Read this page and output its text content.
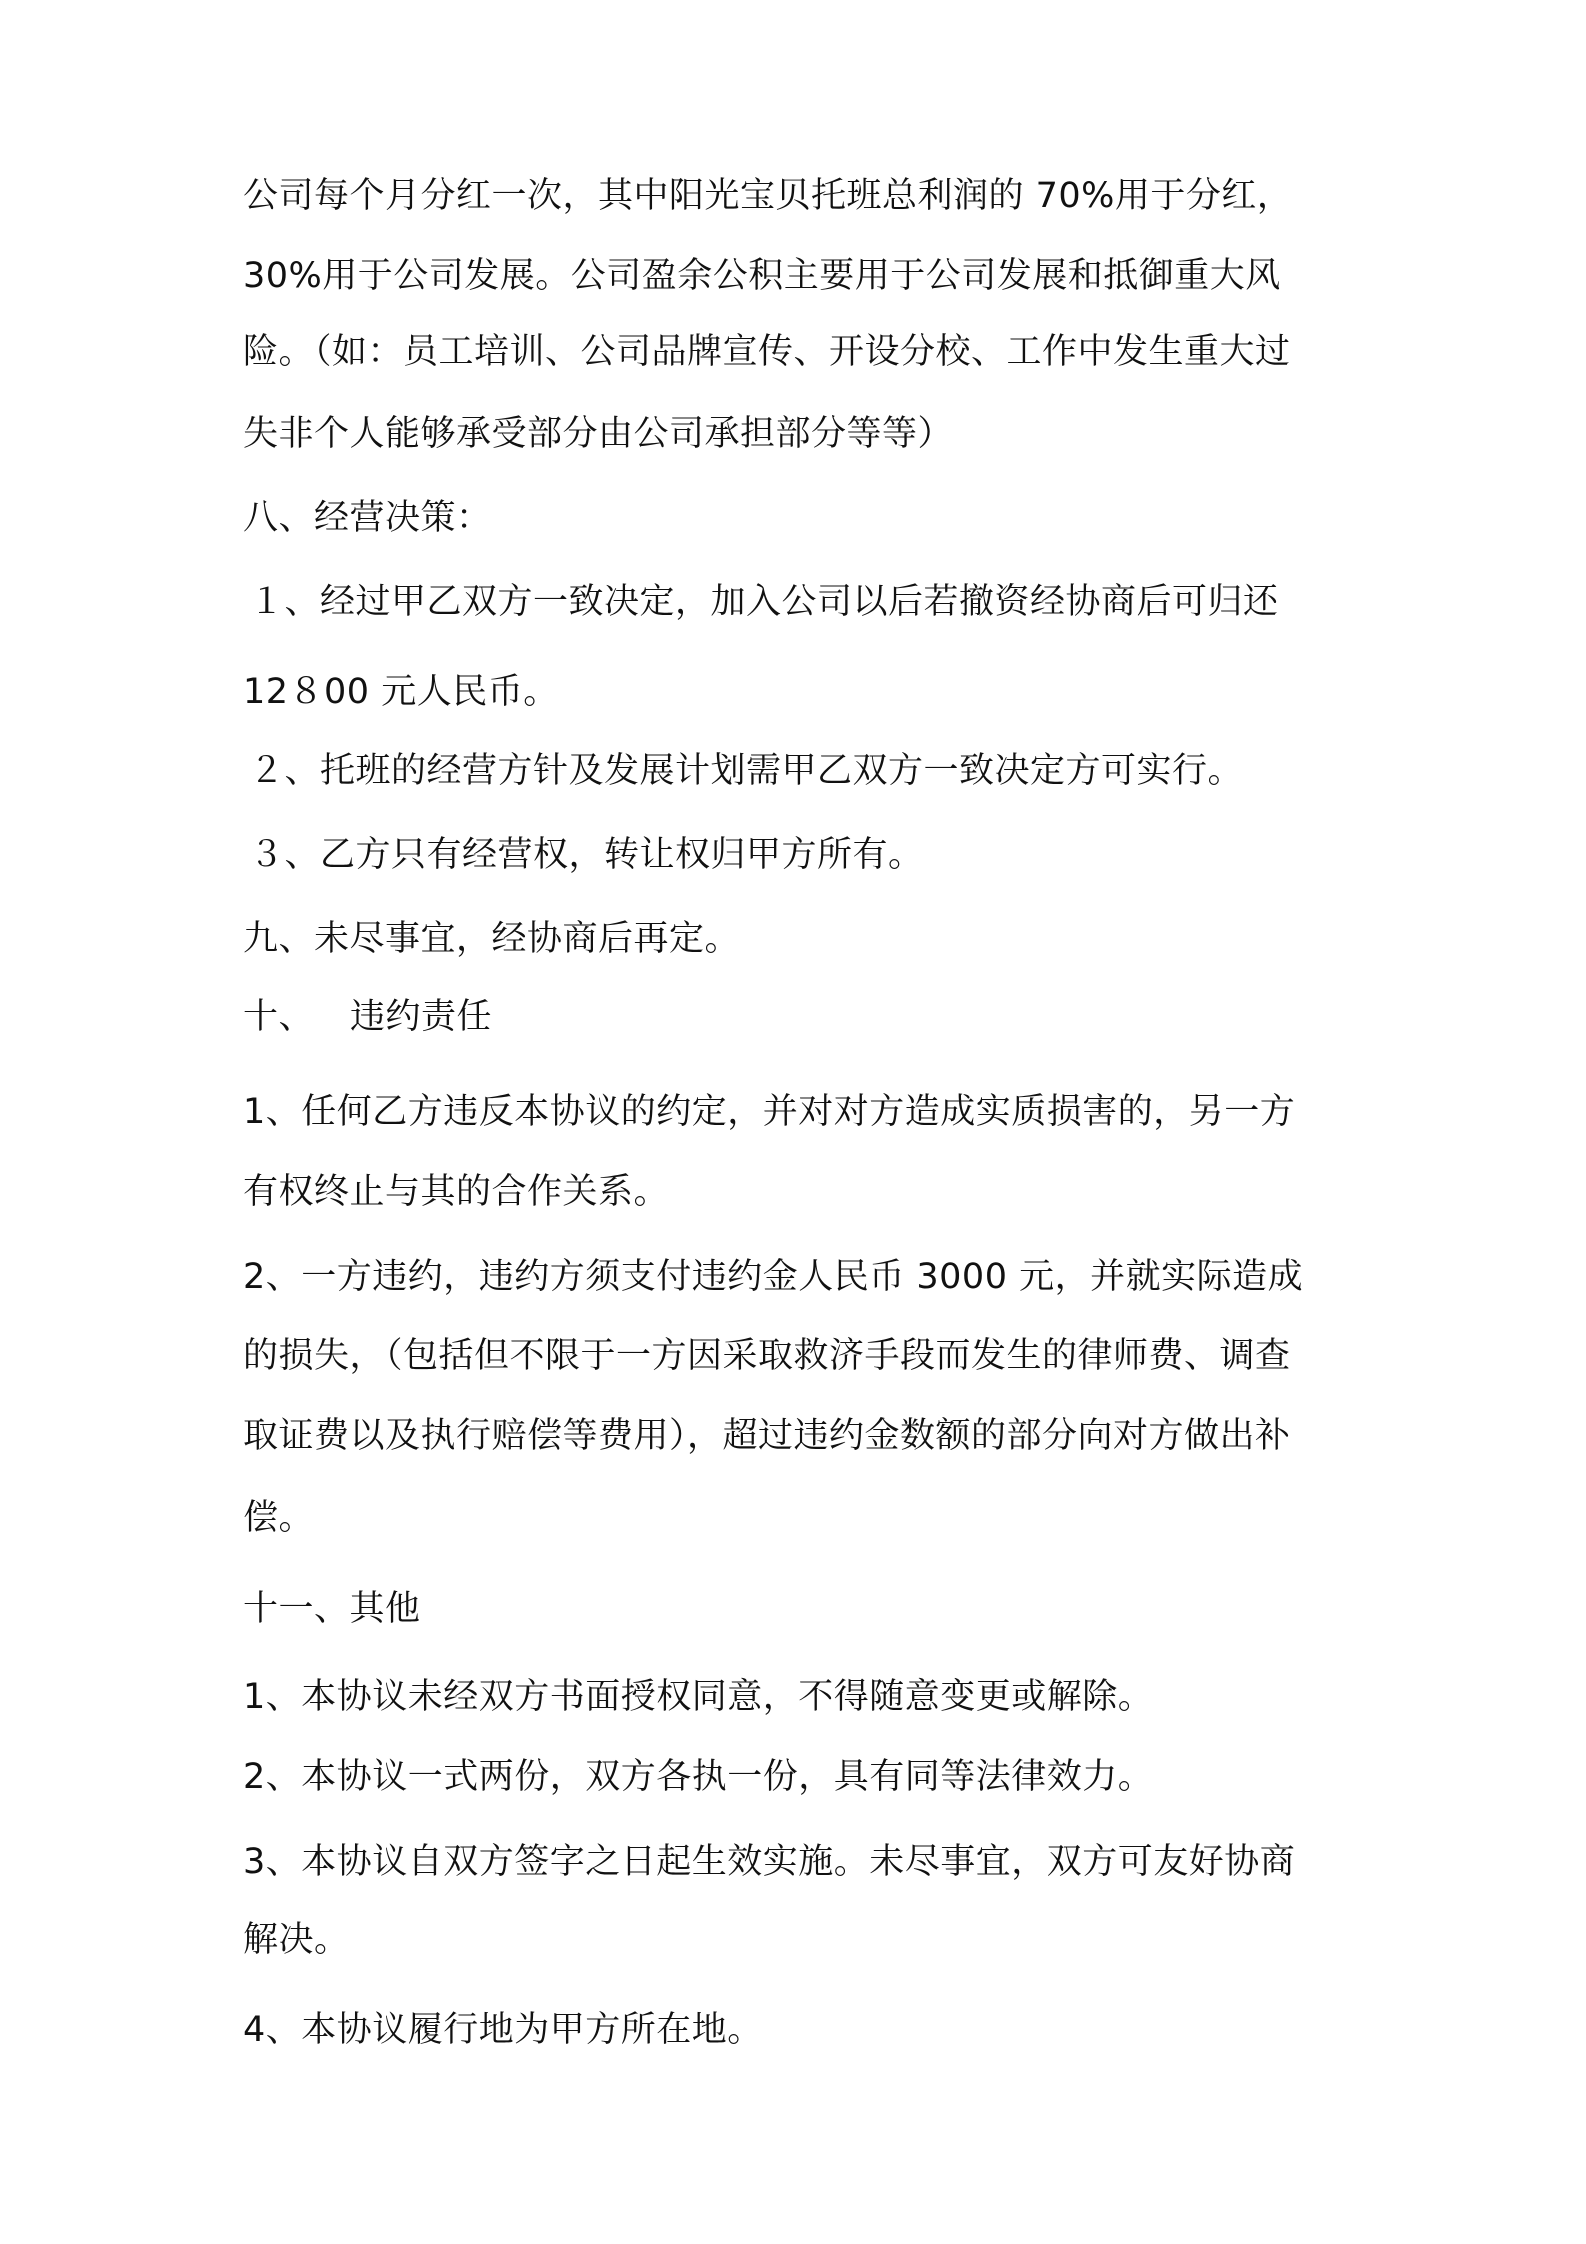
公司每个月分红一次，其中阳光宝贝托班总利润的 70%用于分红，
30%用于公司发展。公司盈余公积主要用于公司发展和抵御重大风
险。（如：员工培训、公司品牌宣传、开设分校、工作中发生重大过
失非个人能够承受部分由公司承担部分等等）
八、经营决策：
１、经过甲乙双方一致决定，加入公司以后若撤资经协商后可归还
12８00 元人民币。
２、托班的经营方针及发展计划需甲乙双方一致决定方可实行。
３、乙方只有经营权，转让权归甲方所有。
九、未尽事宜，经协商后再定。
十、 违约责任
1、任何乙方违反本协议的约定，并对对方造成实质损害的，另一方
有权终止与其的合作关系。
2、一方违约，违约方须支付违约金人民币 3000 元，并就实际造成
的损失，（包括但不限于一方因采取救济手段而发生的律师费、调查
取证费以及执行赔偿等费用），超过违约金数额的部分向对方做出补
偿。
十一、其他
1、本协议未经双方书面授权同意，不得随意变更或解除。
2、本协议一式两份，双方各执一份，具有同等法律效力。
3、本协议自双方签字之日起生效实施。未尽事宜，双方可友好协商
解决。
4、本协议履行地为甲方所在地。
